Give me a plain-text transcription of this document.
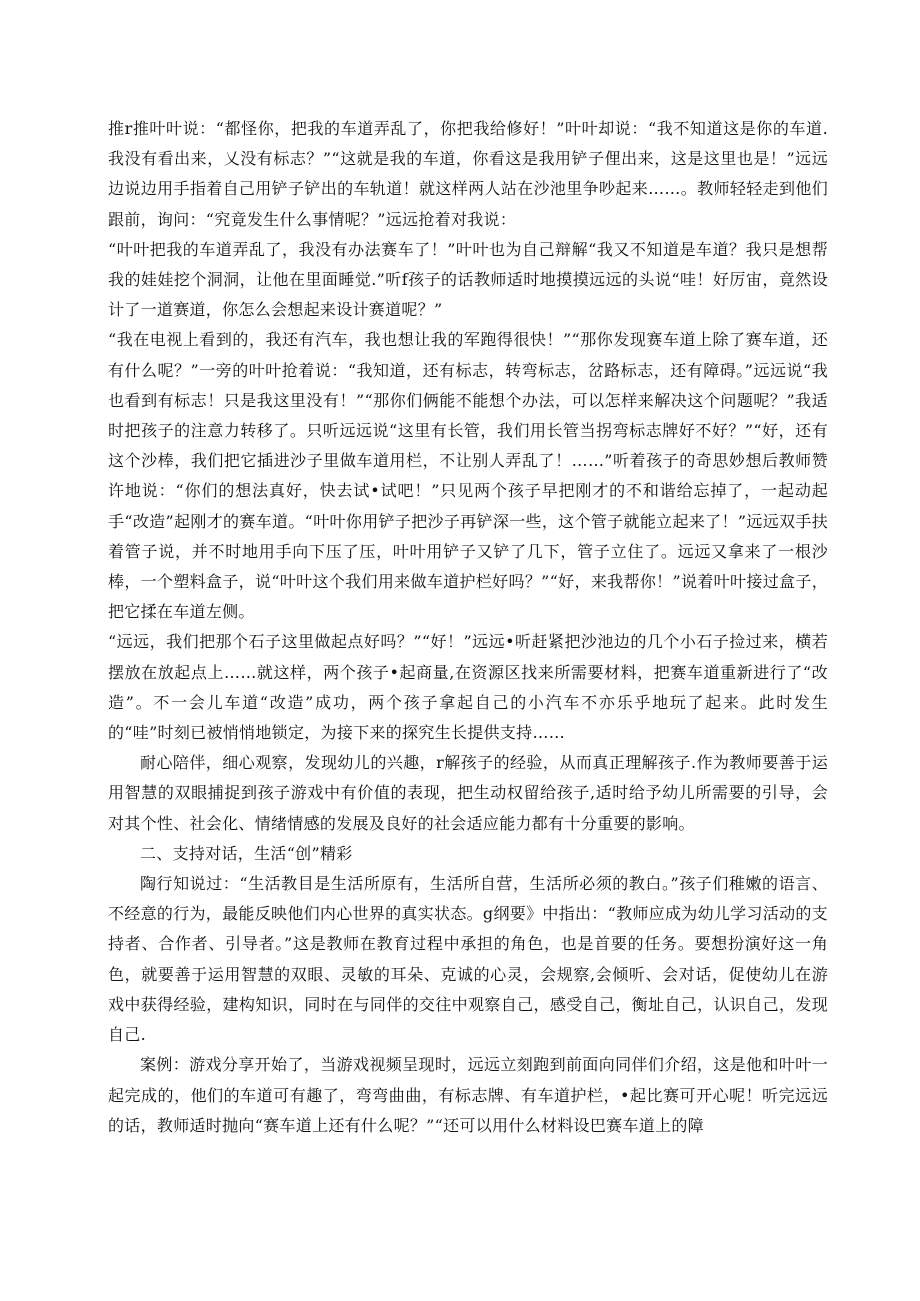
推r推叶叶说：“都怪你，把我的车道弄乱了，你把我给修好！”叶叶却说：“我不知道这是你的车道.我没有看出来，乂没有标志？”“这就是我的车道，你看这是我用铲子俚出来，这是这里也是！”远远边说边用手指着自己用铲子铲出的车轨道！就这样两人站在沙池里争吵起来……。教师轻轻走到他们跟前，询问：“究竟发生什么事情呢？”远远抢着对我说：

“叶叶把我的车道弄乱了，我没有办法赛车了！”叶叶也为自己辩解“我又不知道是车道？我只是想帮我的娃娃挖个洞洞，让他在里面睡觉.”听f孩子的话教师适时地摸摸远远的头说“哇！好厉宙，竟然设计了一道赛道，你怎么会想起来设计赛道呢？”

“我在电视上看到的，我还有汽车，我也想让我的军跑得很快！”“那你发现赛车道上除了赛车道，还有什么呢？”一旁的叶叶抢着说：“我知道，还有标志，转弯标志，岔路标志，还有障碍。”远远说“我也看到有标志！只是我这里没有！”“那你们俩能不能想个办法，可以怎样来解决这个问题呢？”我适时把孩子的注意力转移了。只听远远说“这里有长管，我们用长管当拐弯标志牌好不好？”“好，还有这个沙棒，我们把它插进沙子里做车道用栏，不让别人弄乱了！……”听着孩子的奇思妙想后教师赞许地说：“你们的想法真好，快去试•试吧！”只见两个孩子早把刚才的不和谐给忘掉了，一起动起手“改造”起刚才的赛车道。“叶叶你用铲子把沙子再铲深一些，这个管子就能立起来了！”远远双手扶着管子说，并不时地用手向下压了压，叶叶用铲子又铲了几下，管子立住了。远远又拿来了一根沙棒，一个塑料盒子，说“叶叶这个我们用来做车道护栏好吗？”“好，来我帮你！”说着叶叶接过盒子，把它揉在车道左侧。

“远远，我们把那个石子这里做起点好吗？”“好！”远远•听赶紧把沙池边的几个小石子捡过来，横若摆放在放起点上……就这样，两个孩子•起商量,在资源区找来所需要材料，把赛车道重新进行了“改造”。不一会儿车道“改造”成功，两个孩子拿起自己的小汽车不亦乐乎地玩了起来。此时发生的“哇”时刻已被悄悄地锁定，为接下来的探究生长提供支持……

耐心陪伴，细心观察，发现幼儿的兴趣，r解孩子的经验，从而真正理解孩子.作为教师要善于运用智慧的双眼捕捉到孩子游戏中有价值的表现，把生动权留给孩子,适时给予幼儿所需要的引导，会对其个性、社会化、情绪情感的发展及良好的社会适应能力都有十分重要的影响。

二、支持对话，生活“创”精彩

陶行知说过：“生活教目是生活所原有，生活所自营，生活所必须的教白。”孩子们稚嫩的语言、不经意的行为，最能反映他们内心世界的真实状态。g纲要》中指出：“教师应成为幼儿学习活动的支持者、合作者、引导者。”这是教师在教育过程中承担的角色，也是首要的任务。要想扮演好这一角色，就要善于运用智慧的双眼、灵敏的耳朵、克诚的心灵，会规察,会倾听、会对话，促使幼儿在游戏中获得经验，建构知识，同时在与同伴的交往中观察自己，感受自己，衡址自己，认识自己，发现自己.

案例：游戏分享开始了，当游戏视频呈现时，远远立刻跑到前面向同伴们介绍，这是他和叶叶一起完成的，他们的车道可有趣了，弯弯曲曲，有标志牌、有车道护栏，•起比赛可开心呢！听完远远的话，教师适时抛向“赛车道上还有什么呢？”“还可以用什么材料设巴赛车道上的障
